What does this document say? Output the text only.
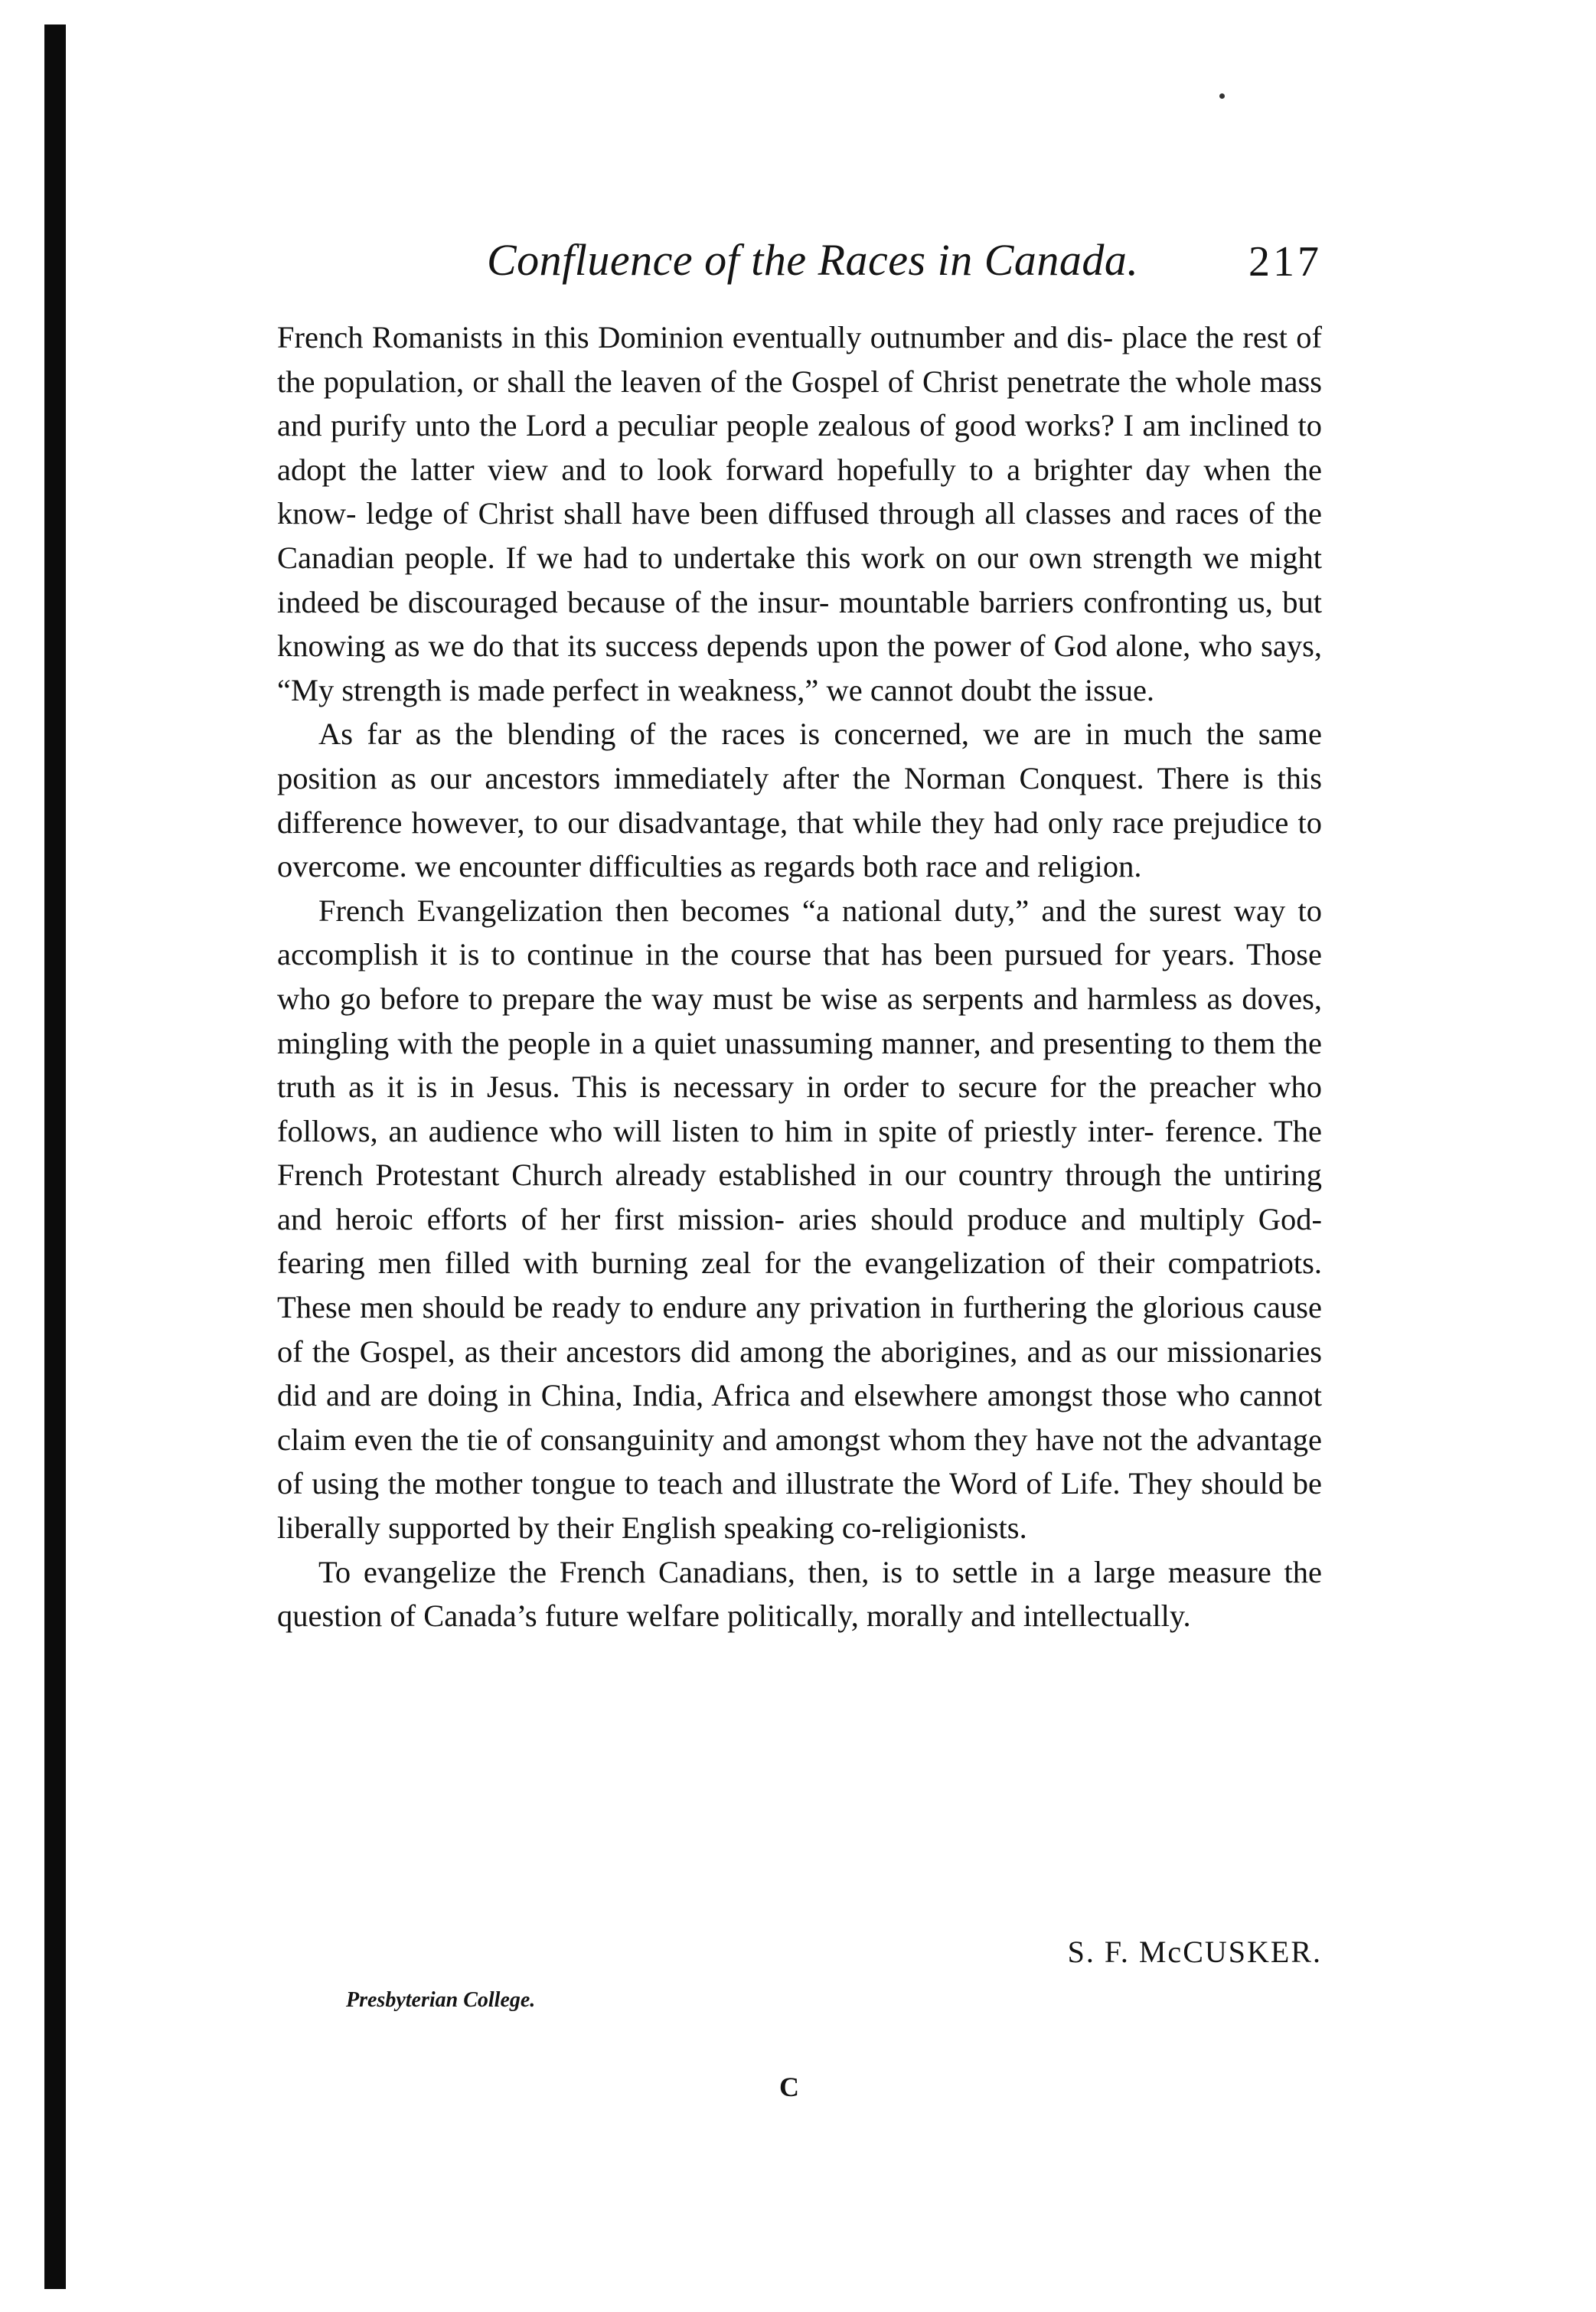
Confluence of the Races in Canada.	217

French Romanists in this Dominion eventually outnumber and dis- place the rest of the population, or shall the leaven of the Gospel of Christ penetrate the whole mass and purify unto the Lord a peculiar people zealous of good works? I am inclined to adopt the latter view and to look forward hopefully to a brighter day when the know- ledge of Christ shall have been diffused through all classes and races of the Canadian people. If we had to undertake this work on our own strength we might indeed be discouraged because of the insur- mountable barriers confronting us, but knowing as we do that its success depends upon the power of God alone, who says, “My strength is made perfect in weakness,” we cannot doubt the issue.

As far as the blending of the races is concerned, we are in much the same position as our ancestors immediately after the Norman Conquest. There is this difference however, to our disadvantage, that while they had only race prejudice to overcome. we encounter difficulties as regards both race and religion.

French Evangelization then becomes “a national duty,” and the surest way to accomplish it is to continue in the course that has been pursued for years. Those who go before to prepare the way must be wise as serpents and harmless as doves, mingling with the people in a quiet unassuming manner, and presenting to them the truth as it is in Jesus. This is necessary in order to secure for the preacher who follows, an audience who will listen to him in spite of priestly inter- ference. The French Protestant Church already established in our country through the untiring and heroic efforts of her first mission- aries should produce and multiply God-fearing men filled with burning zeal for the evangelization of their compatriots. These men should be ready to endure any privation in furthering the glorious cause of the Gospel, as their ancestors did among the aborigines, and as our missionaries did and are doing in China, India, Africa and elsewhere amongst those who cannot claim even the tie of consanguinity and amongst whom they have not the advantage of using the mother tongue to teach and illustrate the Word of Life. They should be liberally supported by their English speaking co-religionists.

To evangelize the French Canadians, then, is to settle in a large measure the question of Canada’s future welfare politically, morally and intellectually.

S. F. McCUSKER.
Presbyterian College.
C
